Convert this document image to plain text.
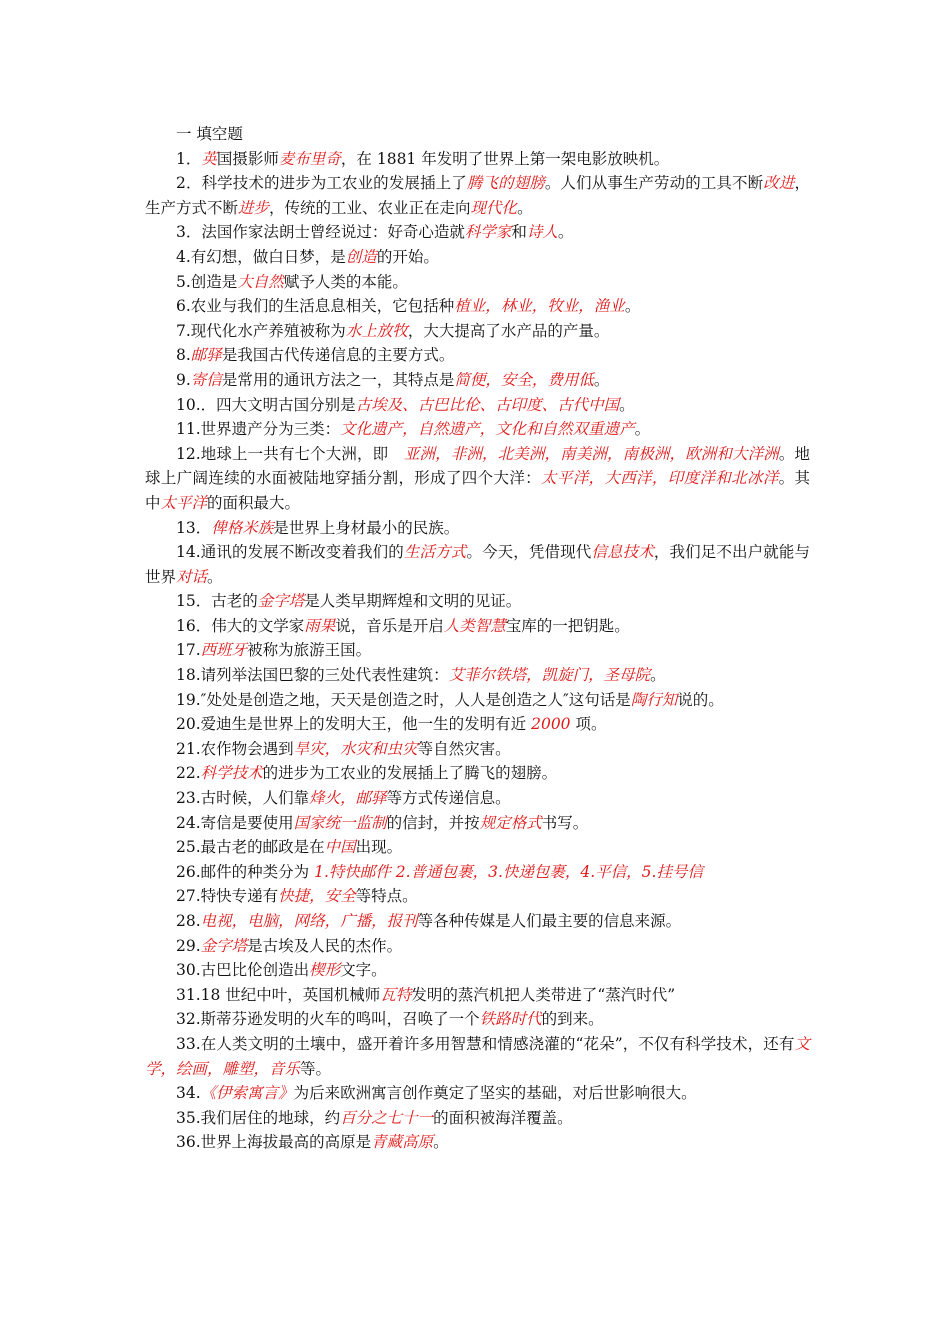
一 填空题

1．英国摄影师麦布里奇，在 1881 年发明了世界上第一架电影放映机。

2．科学技术的进步为工农业的发展插上了腾飞的翅膀。人们从事生产劳动的工具不断改进，生产方式不断进步，传统的工业、农业正在走向现代化。

3．法国作家法朗士曾经说过：好奇心造就科学家和诗人。

4.有幻想，做白日梦，是创造的开始。

5.创造是大自然赋予人类的本能。

6.农业与我们的生活息息相关，它包括种植业，林业，牧业，渔业。

7.现代化水产养殖被称为水上放牧，大大提高了水产品的产量。

8.邮驿是我国古代传递信息的主要方式。

9.寄信是常用的通讯方法之一，其特点是简便，安全，费用低。

10.．四大文明古国分别是古埃及、古巴比伦、古印度、古代中国。

11.世界遗产分为三类：文化遗产，自然遗产，文化和自然双重遗产。

12.地球上一共有七个大洲，即　亚洲，非洲，北美洲，南美洲，南极洲，欧洲和大洋洲。地球上广阔连续的水面被陆地穿插分割，形成了四个大洋：太平洋，大西洋，印度洋和北冰洋。其中太平洋的面积最大。

13．俾格米族是世界上身材最小的民族。

14.通讯的发展不断改变着我们的生活方式。今天，凭借现代信息技术，我们足不出户就能与世界对话。

15．古老的金字塔是人类早期辉煌和文明的见证。

16．伟大的文学家雨果说，音乐是开启人类智慧宝库的一把钥匙。

17.西班牙被称为旅游王国。

18.请列举法国巴黎的三处代表性建筑：艾菲尔铁塔，凯旋门，圣母院。

19.″处处是创造之地，天天是创造之时，人人是创造之人″这句话是陶行知说的。

20.爱迪生是世界上的发明大王，他一生的发明有近 2000 项。

21.农作物会遇到旱灾，水灾和虫灾等自然灾害。

22.科学技术的进步为工农业的发展插上了腾飞的翅膀。

23.古时候，人们靠烽火，邮驿等方式传递信息。

24.寄信是要使用国家统一监制的信封，并按规定格式书写。

25.最古老的邮政是在中国出现。

26.邮件的种类分为 1.特快邮件 2.普通包裹，3.快递包裹，4.平信，5.挂号信

27.特快专递有快捷，安全等特点。

28.电视，电脑，网络，广播，报刊等各种传媒是人们最主要的信息来源。

29.金字塔是古埃及人民的杰作。

30.古巴比伦创造出楔形文字。

31.18 世纪中叶，英国机械师瓦特发明的蒸汽机把人类带进了“蒸汽时代”

32.斯蒂芬逊发明的火车的鸣叫，召唤了一个铁路时代的到来。

33.在人类文明的土壤中，盛开着许多用智慧和情感浇灌的“花朵”，不仅有科学技术，还有文学，绘画，雕塑，音乐等。

34.《伊索寓言》为后来欧洲寓言创作奠定了坚实的基础，对后世影响很大。

35.我们居住的地球，约百分之七十一的面积被海洋覆盖。

36.世界上海拔最高的高原是青藏高原。
